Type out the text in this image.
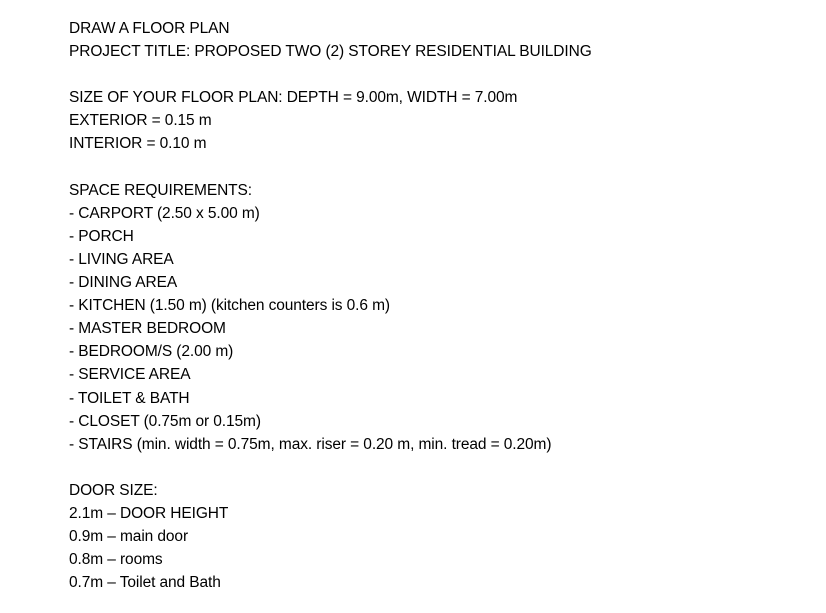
DRAW A FLOOR PLAN
PROJECT TITLE: PROPOSED TWO (2) STOREY RESIDENTIAL BUILDING
SIZE OF YOUR FLOOR PLAN: DEPTH = 9.00m, WIDTH = 7.00m
EXTERIOR = 0.15 m
INTERIOR = 0.10 m
SPACE REQUIREMENTS:
- CARPORT (2.50 x 5.00 m)
- PORCH
- LIVING AREA
- DINING AREA
- KITCHEN (1.50 m) (kitchen counters is 0.6 m)
- MASTER BEDROOM
- BEDROOM/S (2.00 m)
- SERVICE AREA
- TOILET & BATH
- CLOSET (0.75m or 0.15m)
- STAIRS (min. width = 0.75m, max. riser = 0.20 m, min. tread = 0.20m)
DOOR SIZE:
2.1m – DOOR HEIGHT
0.9m – main door
0.8m – rooms
0.7m – Toilet and Bath
